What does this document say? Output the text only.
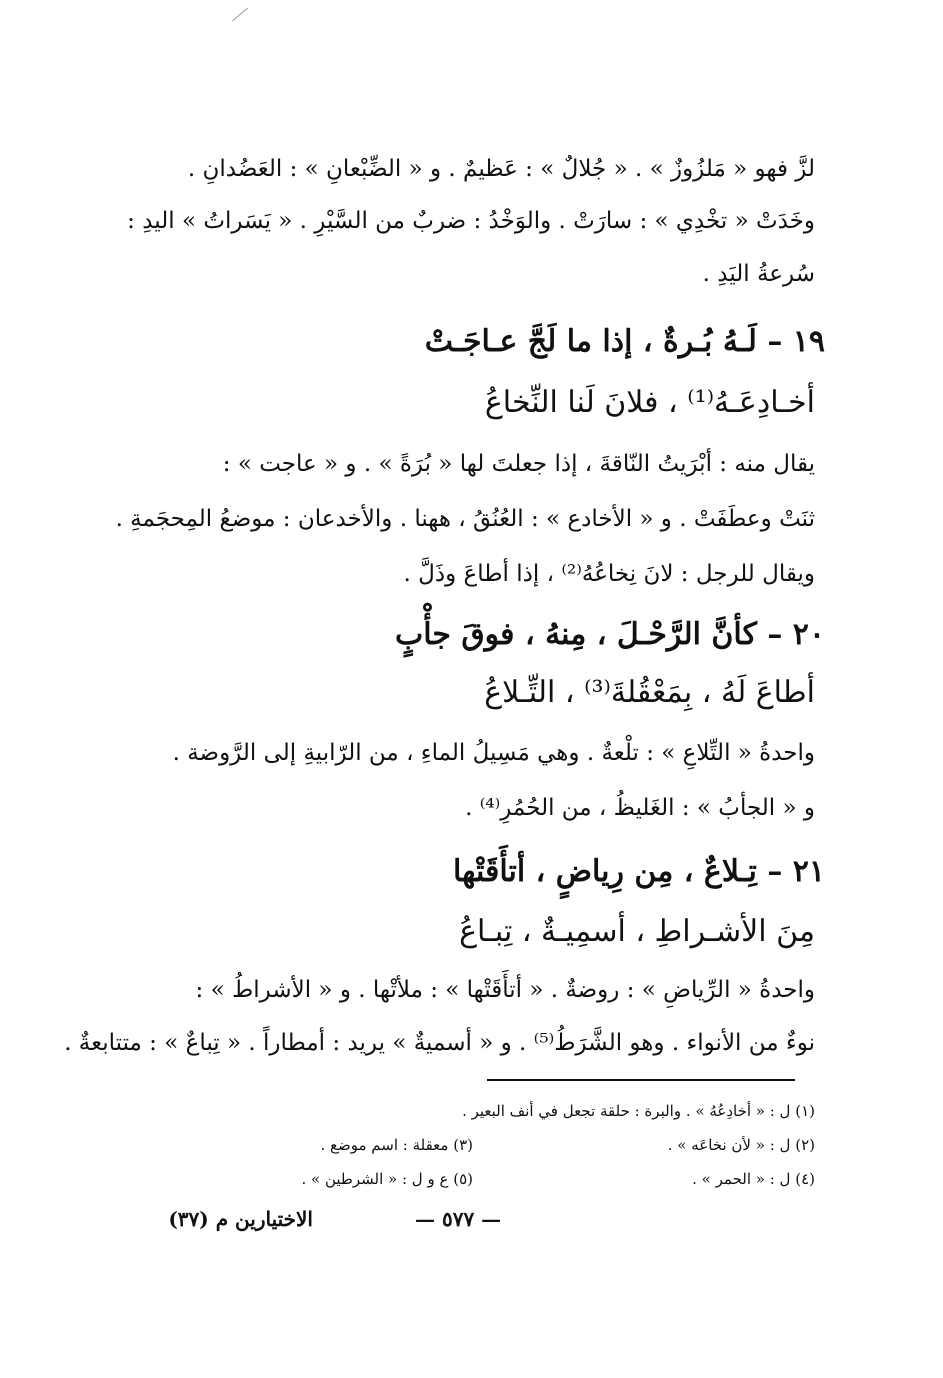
لزَّ فهو « مَلزُوزٌ » . « جُلالٌ » : عَظيمٌ . و « الضِّبْعانِ » : العَضُدانِ .
وخَدَتْ « تخْدِي » : سارَتْ . والوَخْدُ : ضربٌ من السَّيْرِ . « يَسَراتُ » اليدِ :
سُرعةُ اليَدِ .
١٩ – لَـهُ بُـرةٌ ، إذا ما لَجَّ عـاجَـتْ
أخـادِعَـهُ⁽¹⁾ ، فلانَ لَنا النِّخاعُ
يقال منه : أبْرَيتُ النّاقةَ ، إذا جعلتَ لها « بُرَةً » . و « عاجت » :
ثنَتْ وعطَفَتْ . و « الأخادع » : العُنُقُ ، ههنا . والأخدعان : موضعُ المِحجَمةِ .
ويقال للرجل : لانَ نِخاعُهُ⁽²⁾ ، إذا أطاعَ وذَلَّ .
٢٠ – كأنَّ الرَّحْـلَ ، مِنهُ ، فوقَ جأْبٍ
أطاعَ لَهُ ، بِمَعْقُلةَ⁽³⁾ ، التِّـلاعُ
واحدةُ « التِّلاعِ » : تلْعةٌ . وهي مَسِيلُ الماءِ ، من الرّابيةِ إلى الرَّوضة .
و « الجأبُ » : الغَليظُ ، من الحُمُرِ⁽⁴⁾ .
٢١ – تِـلاعٌ ، مِن رِياضٍ ، أتأَقَتْها
مِنَ الأشـراطِ ، أسمِيـةٌ ، تِبـاعُ
واحدةُ « الرِّياضِ » : روضةٌ . « أتأَقَتْها » : ملأتْها . و « الأشراطُ » :
نوءٌ من الأنواء . وهو الشَّرَطُ⁽⁵⁾ . و « أسميةٌ » يريد : أمطاراً . « تِباعٌ » : متتابعةٌ .
(١) ل : « أخادِعُهُ » . والبرة : حلقة تجعل في أنف البعير .
(٢) ل : « لأن نخاعَه » .
(٣) معقلة : اسم موضع .
(٤) ل : « الحمر » .
(٥) ع و ل : « الشرطين » .
— ٥٧٧ —
الاختيارين م (٣٧)
